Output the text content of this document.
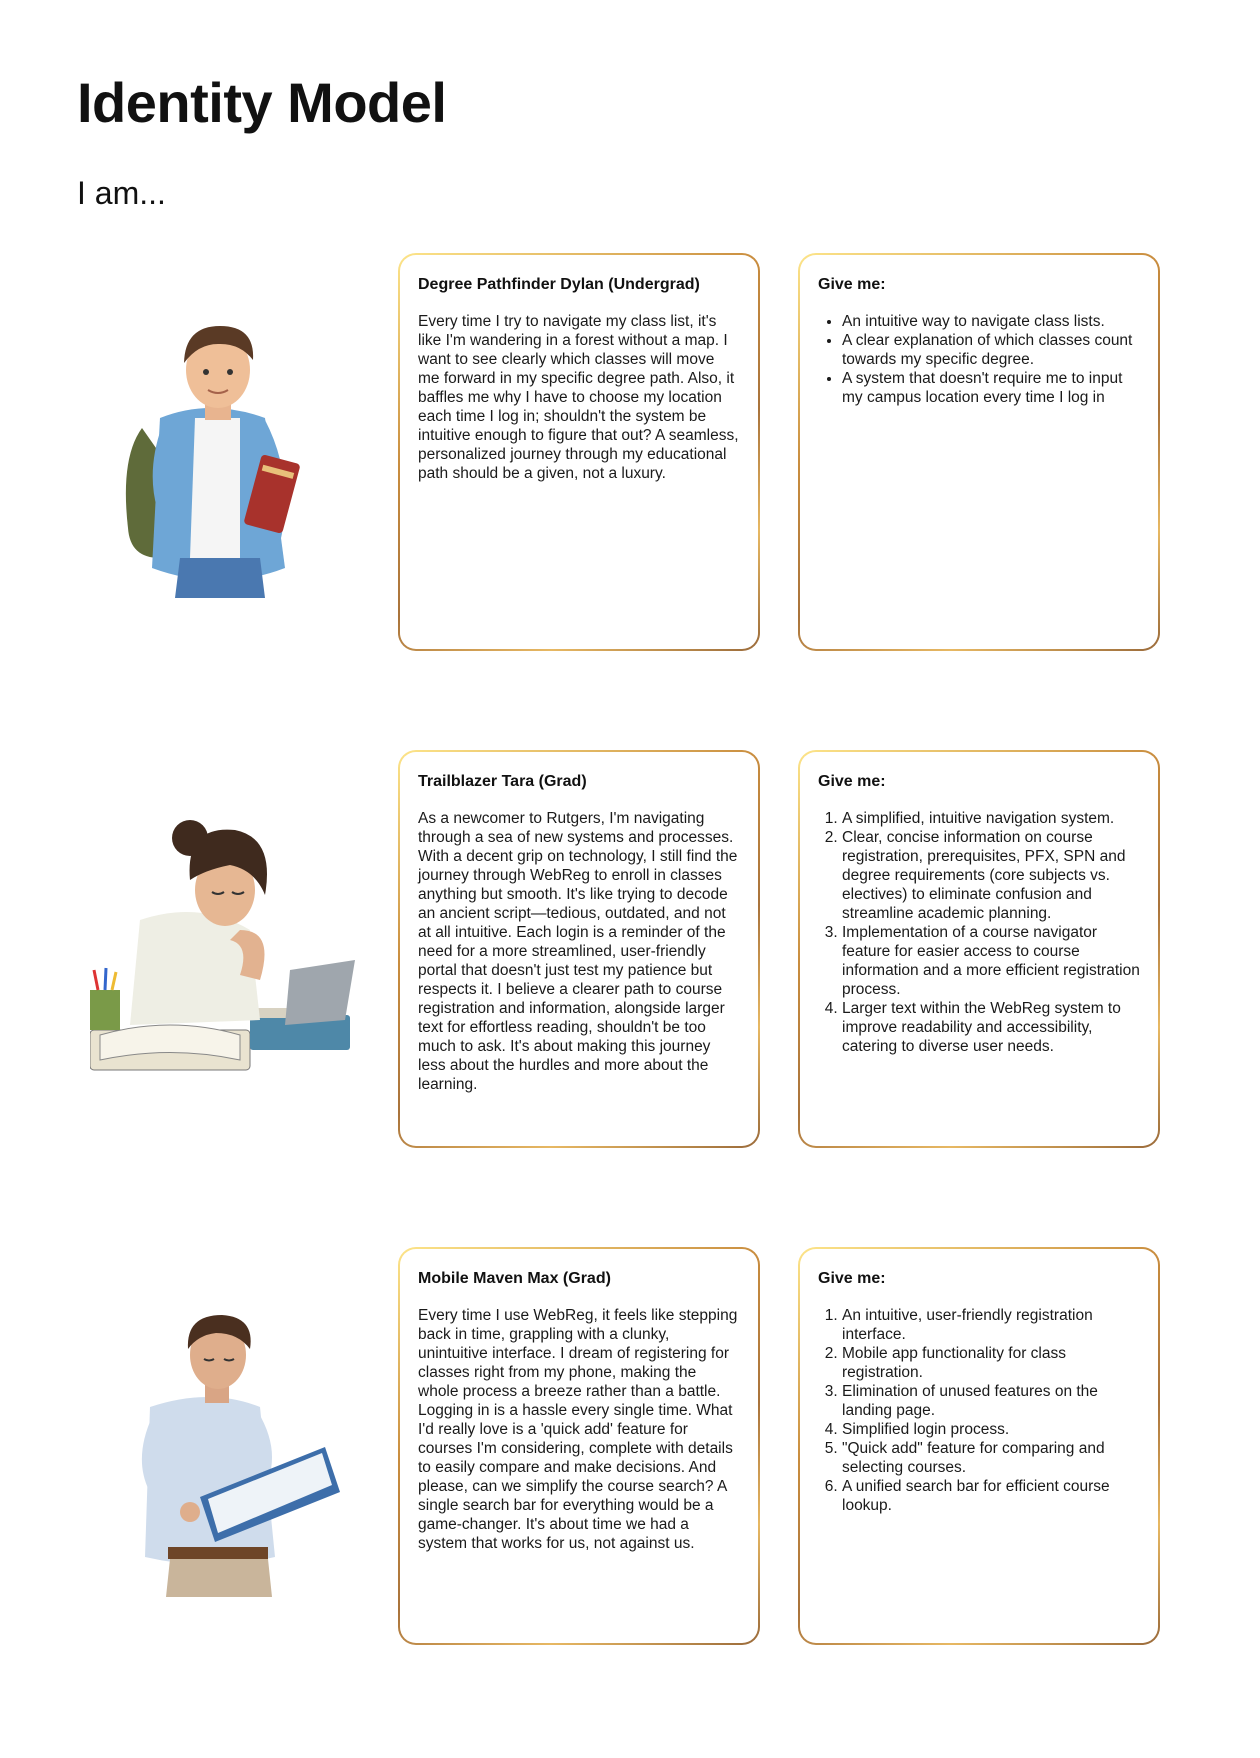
Identity Model

I am...

Degree Pathfinder Dylan (Undergrad)

Every time I try to navigate my class list, it's like I'm wandering in a forest without a map. I want to see clearly which classes will move me forward in my specific degree path. Also, it baffles me why I have to choose my location each time I log in; shouldn't the system be intuitive enough to figure that out? A seamless, personalized journey through my educational path should be a given, not a luxury.

Give me:

• An intuitive way to navigate class lists.
• A clear explanation of which classes count towards my specific degree.
• A system that doesn't require me to input my campus location every time I log in

Trailblazer Tara (Grad)

As a newcomer to Rutgers, I'm navigating through a sea of new systems and processes. With a decent grip on technology, I still find the journey through WebReg to enroll in classes anything but smooth. It's like trying to decode an ancient script—tedious, outdated, and not at all intuitive. Each login is a reminder of the need for a more streamlined, user-friendly portal that doesn't just test my patience but respects it. I believe a clearer path to course registration and information, alongside larger text for effortless reading, shouldn't be too much to ask. It's about making this journey less about the hurdles and more about the learning.

Give me:

1. A simplified, intuitive navigation system.
2. Clear, concise information on course registration, prerequisites, PFX, SPN and degree requirements (core subjects vs. electives) to eliminate confusion and streamline academic planning.
3. Implementation of a course navigator feature for easier access to course information and a more efficient registration process.
4. Larger text within the WebReg system to improve readability and accessibility, catering to diverse user needs.

Mobile Maven Max (Grad)

Every time I use WebReg, it feels like stepping back in time, grappling with a clunky, unintuitive interface. I dream of registering for classes right from my phone, making the whole process a breeze rather than a battle. Logging in is a hassle every single time. What I'd really love is a 'quick add' feature for courses I'm considering, complete with details to easily compare and make decisions. And please, can we simplify the course search? A single search bar for everything would be a game-changer. It's about time we had a system that works for us, not against us.

Give me:

1. An intuitive, user-friendly registration interface.
2. Mobile app functionality for class registration.
3. Elimination of unused features on the landing page.
4. Simplified login process.
5. "Quick add" feature for comparing and selecting courses.
6. A unified search bar for efficient course lookup.
